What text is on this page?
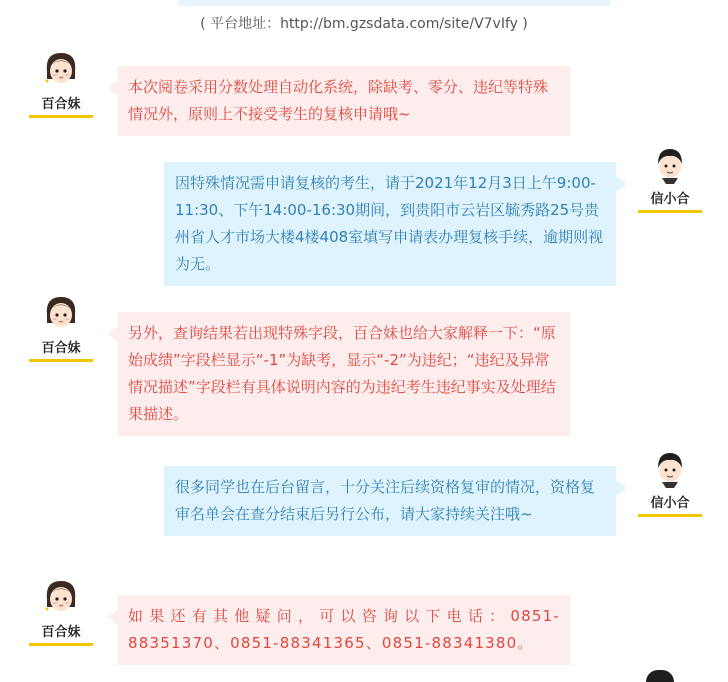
( 平台地址：http://bm.gzsdata.com/site/V7vIfy )
百合妹
本次阅卷采用分数处理自动化系统，除缺考、零分、违纪等特殊情况外，原则上不接受考生的复核申请哦~
因特殊情况需申请复核的考生，请于2021年12月3日上午9:00-11:30、下午14:00-16:30期间，到贵阳市云岩区毓秀路25号贵州省人才市场大楼4楼408室填写申请表办理复核手续，逾期则视为无。
信小合
百合妹
另外，查询结果若出现特殊字段，百合妹也给大家解释一下：“原始成绩”字段栏显示“-1”为缺考，显示“-2”为违纪；“违纪及异常情况描述”字段栏有具体说明内容的为违纪考生违纪事实及处理结果描述。
很多同学也在后台留言，十分关注后续资格复审的情况，资格复审名单会在查分结束后另行公布，请大家持续关注哦~
信小合
百合妹
如果还有其他疑问，可以咨询以下电话：0851-88351370、0851-88341365、0851-88341380。
